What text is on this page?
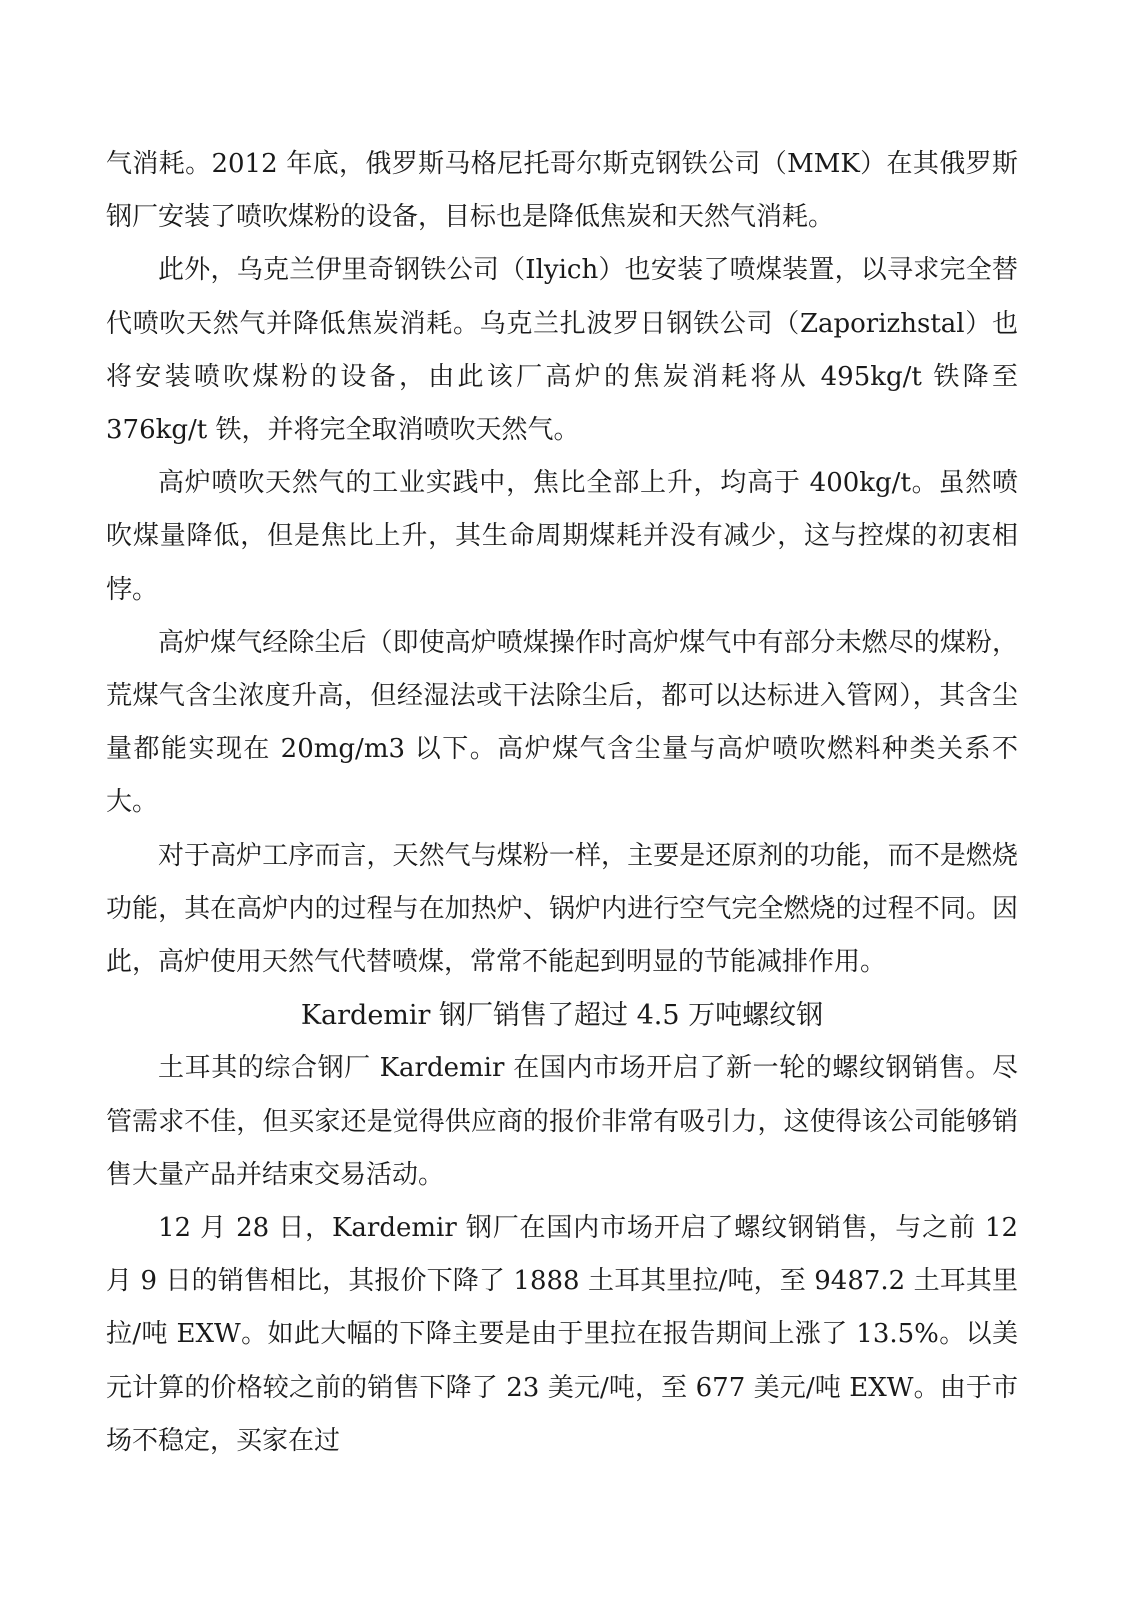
气消耗。2012 年底，俄罗斯马格尼托哥尔斯克钢铁公司（MMK）在其俄罗斯钢厂安装了喷吹煤粉的设备，目标也是降低焦炭和天然气消耗。

此外，乌克兰伊里奇钢铁公司（Ilyich）也安装了喷煤装置，以寻求完全替代喷吹天然气并降低焦炭消耗。乌克兰扎波罗日钢铁公司（Zaporizhstal）也将安装喷吹煤粉的设备，由此该厂高炉的焦炭消耗将从 495kg/t 铁降至 376kg/t 铁，并将完全取消喷吹天然气。

高炉喷吹天然气的工业实践中，焦比全部上升，均高于 400kg/t。虽然喷吹煤量降低，但是焦比上升，其生命周期煤耗并没有减少，这与控煤的初衷相悖。

高炉煤气经除尘后（即使高炉喷煤操作时高炉煤气中有部分未燃尽的煤粉，荒煤气含尘浓度升高，但经湿法或干法除尘后，都可以达标进入管网），其含尘量都能实现在 20mg/m3 以下。高炉煤气含尘量与高炉喷吹燃料种类关系不大。

对于高炉工序而言，天然气与煤粉一样，主要是还原剂的功能，而不是燃烧功能，其在高炉内的过程与在加热炉、锅炉内进行空气完全燃烧的过程不同。因此，高炉使用天然气代替喷煤，常常不能起到明显的节能减排作用。

Kardemir 钢厂销售了超过 4.5 万吨螺纹钢

土耳其的综合钢厂 Kardemir 在国内市场开启了新一轮的螺纹钢销售。尽管需求不佳，但买家还是觉得供应商的报价非常有吸引力，这使得该公司能够销售大量产品并结束交易活动。

12 月 28 日，Kardemir 钢厂在国内市场开启了螺纹钢销售，与之前 12 月 9 日的销售相比，其报价下降了 1888 土耳其里拉/吨，至 9487.2 土耳其里拉/吨 EXW。如此大幅的下降主要是由于里拉在报告期间上涨了 13.5%。以美元计算的价格较之前的销售下降了 23 美元/吨，至 677 美元/吨 EXW。由于市场不稳定，买家在过
